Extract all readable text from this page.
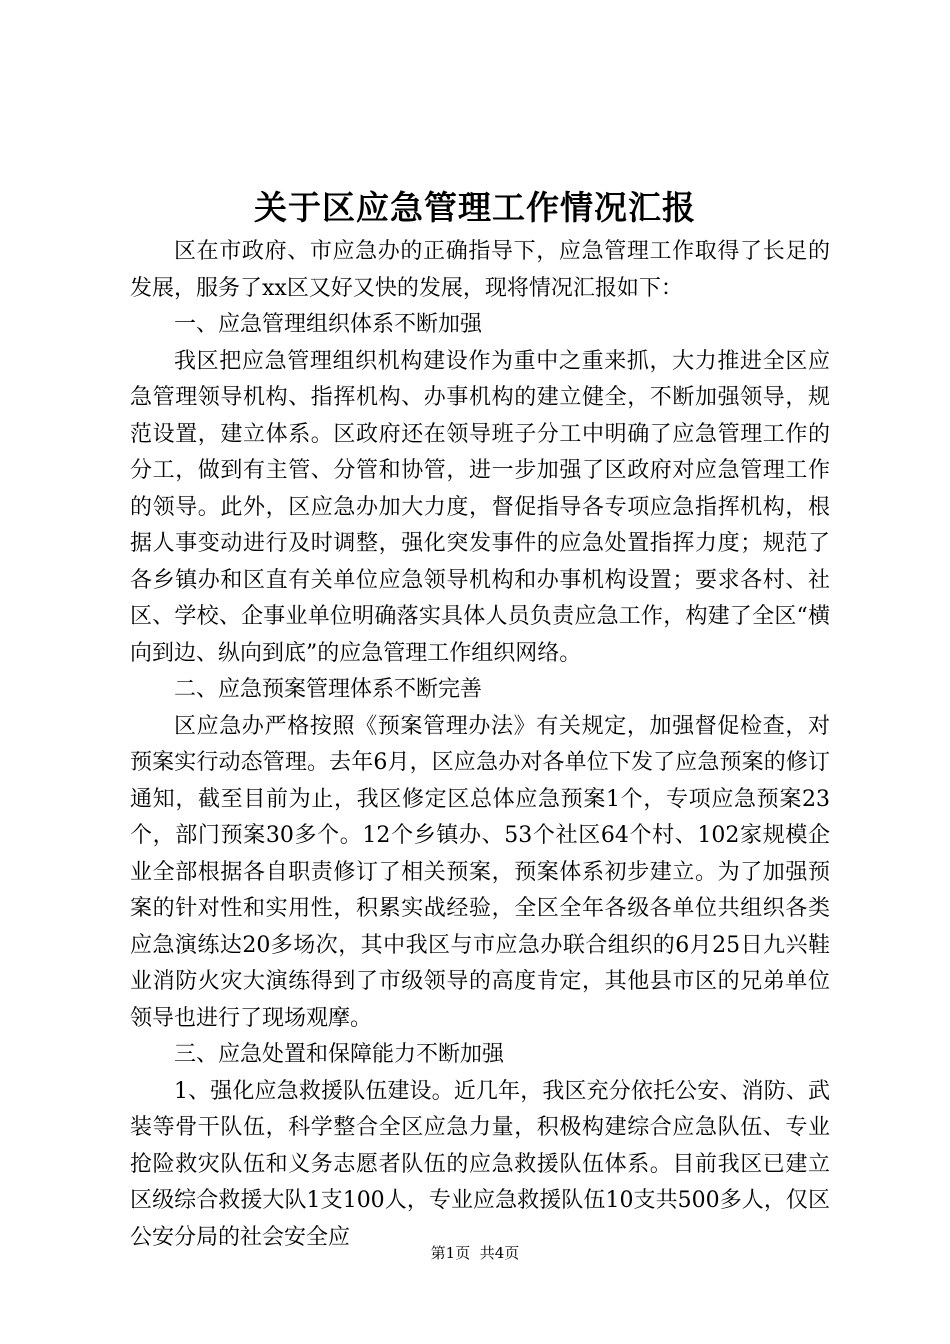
关于区应急管理工作情况汇报

区在市政府、市应急办的正确指导下，应急管理工作取得了长足的发展，服务了xx区又好又快的发展，现将情况汇报如下：

一、应急管理组织体系不断加强

我区把应急管理组织机构建设作为重中之重来抓，大力推进全区应急管理领导机构、指挥机构、办事机构的建立健全，不断加强领导，规范设置，建立体系。区政府还在领导班子分工中明确了应急管理工作的分工，做到有主管、分管和协管，进一步加强了区政府对应急管理工作的领导。此外，区应急办加大力度，督促指导各专项应急指挥机构，根据人事变动进行及时调整，强化突发事件的应急处置指挥力度；规范了各乡镇办和区直有关单位应急领导机构和办事机构设置；要求各村、社区、学校、企事业单位明确落实具体人员负责应急工作，构建了全区“横向到边、纵向到底”的应急管理工作组织网络。

二、应急预案管理体系不断完善

区应急办严格按照《预案管理办法》有关规定，加强督促检查，对预案实行动态管理。去年6月，区应急办对各单位下发了应急预案的修订通知，截至目前为止，我区修定区总体应急预案1个，专项应急预案23个，部门预案30多个。12个乡镇办、53个社区64个村、102家规模企业全部根据各自职责修订了相关预案，预案体系初步建立。为了加强预案的针对性和实用性，积累实战经验，全区全年各级各单位共组织各类应急演练达20多场次，其中我区与市应急办联合组织的6月25日九兴鞋业消防火灾大演练得到了市级领导的高度肯定，其他县市区的兄弟单位领导也进行了现场观摩。

三、应急处置和保障能力不断加强

1、强化应急救援队伍建设。近几年，我区充分依托公安、消防、武装等骨干队伍，科学整合全区应急力量，积极构建综合应急队伍、专业抢险救灾队伍和义务志愿者队伍的应急救援队伍体系。目前我区已建立区级综合救援大队1支100人，专业应急救援队伍10支共500多人，仅区公安分局的社会安全应

第1页 共4页
